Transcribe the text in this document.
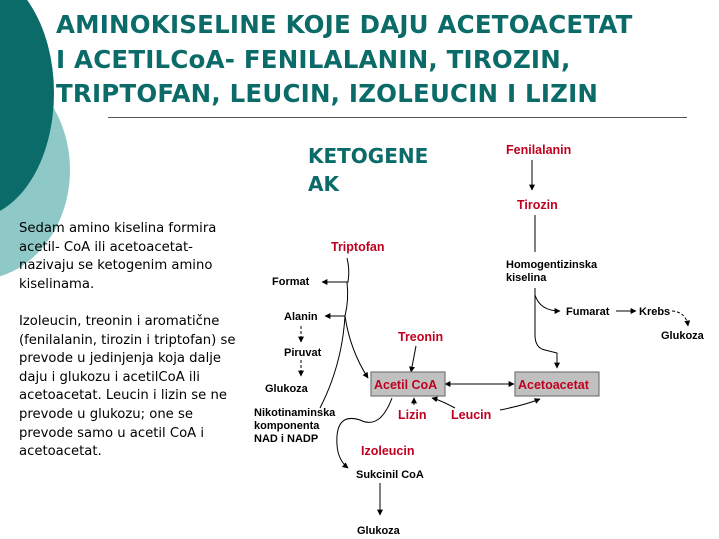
AMINOKISELINE KOJE DAJU ACETOACETAT
I ACETILCoA- FENILALANIN, TIROZIN,
TRIPTOFAN, LEUCIN, IZOLEUCIN I LIZIN
KETOGENE
AK

Sedam amino kiselina formira acetil- CoA ili acetoacetat- nazivaju se ketogenim amino kiselinama.

Izoleucin, treonin i aromatične (fenilalanin, tirozin i triptofan) se prevode u jedinjenja koja dalje daju i glukozu i acetilCoA ili acetoacetat. Leucin i lizin se ne prevode u glukozu; one se prevode samo u acetil CoA i acetoacetat.

Fenilalanin
Tirozin
Triptofan
Treonin
Acetil CoA	Acetoacetat
Lizin Leucin
Izoleucin
Homogentizinska
kiselina
Fumarat	Krebs
Glukoza
Format
Alanin
Piruvat
Glukoza
Nikotinaminska
komponenta
NAD i NADP
Sukcinil CoA
Glukoza
